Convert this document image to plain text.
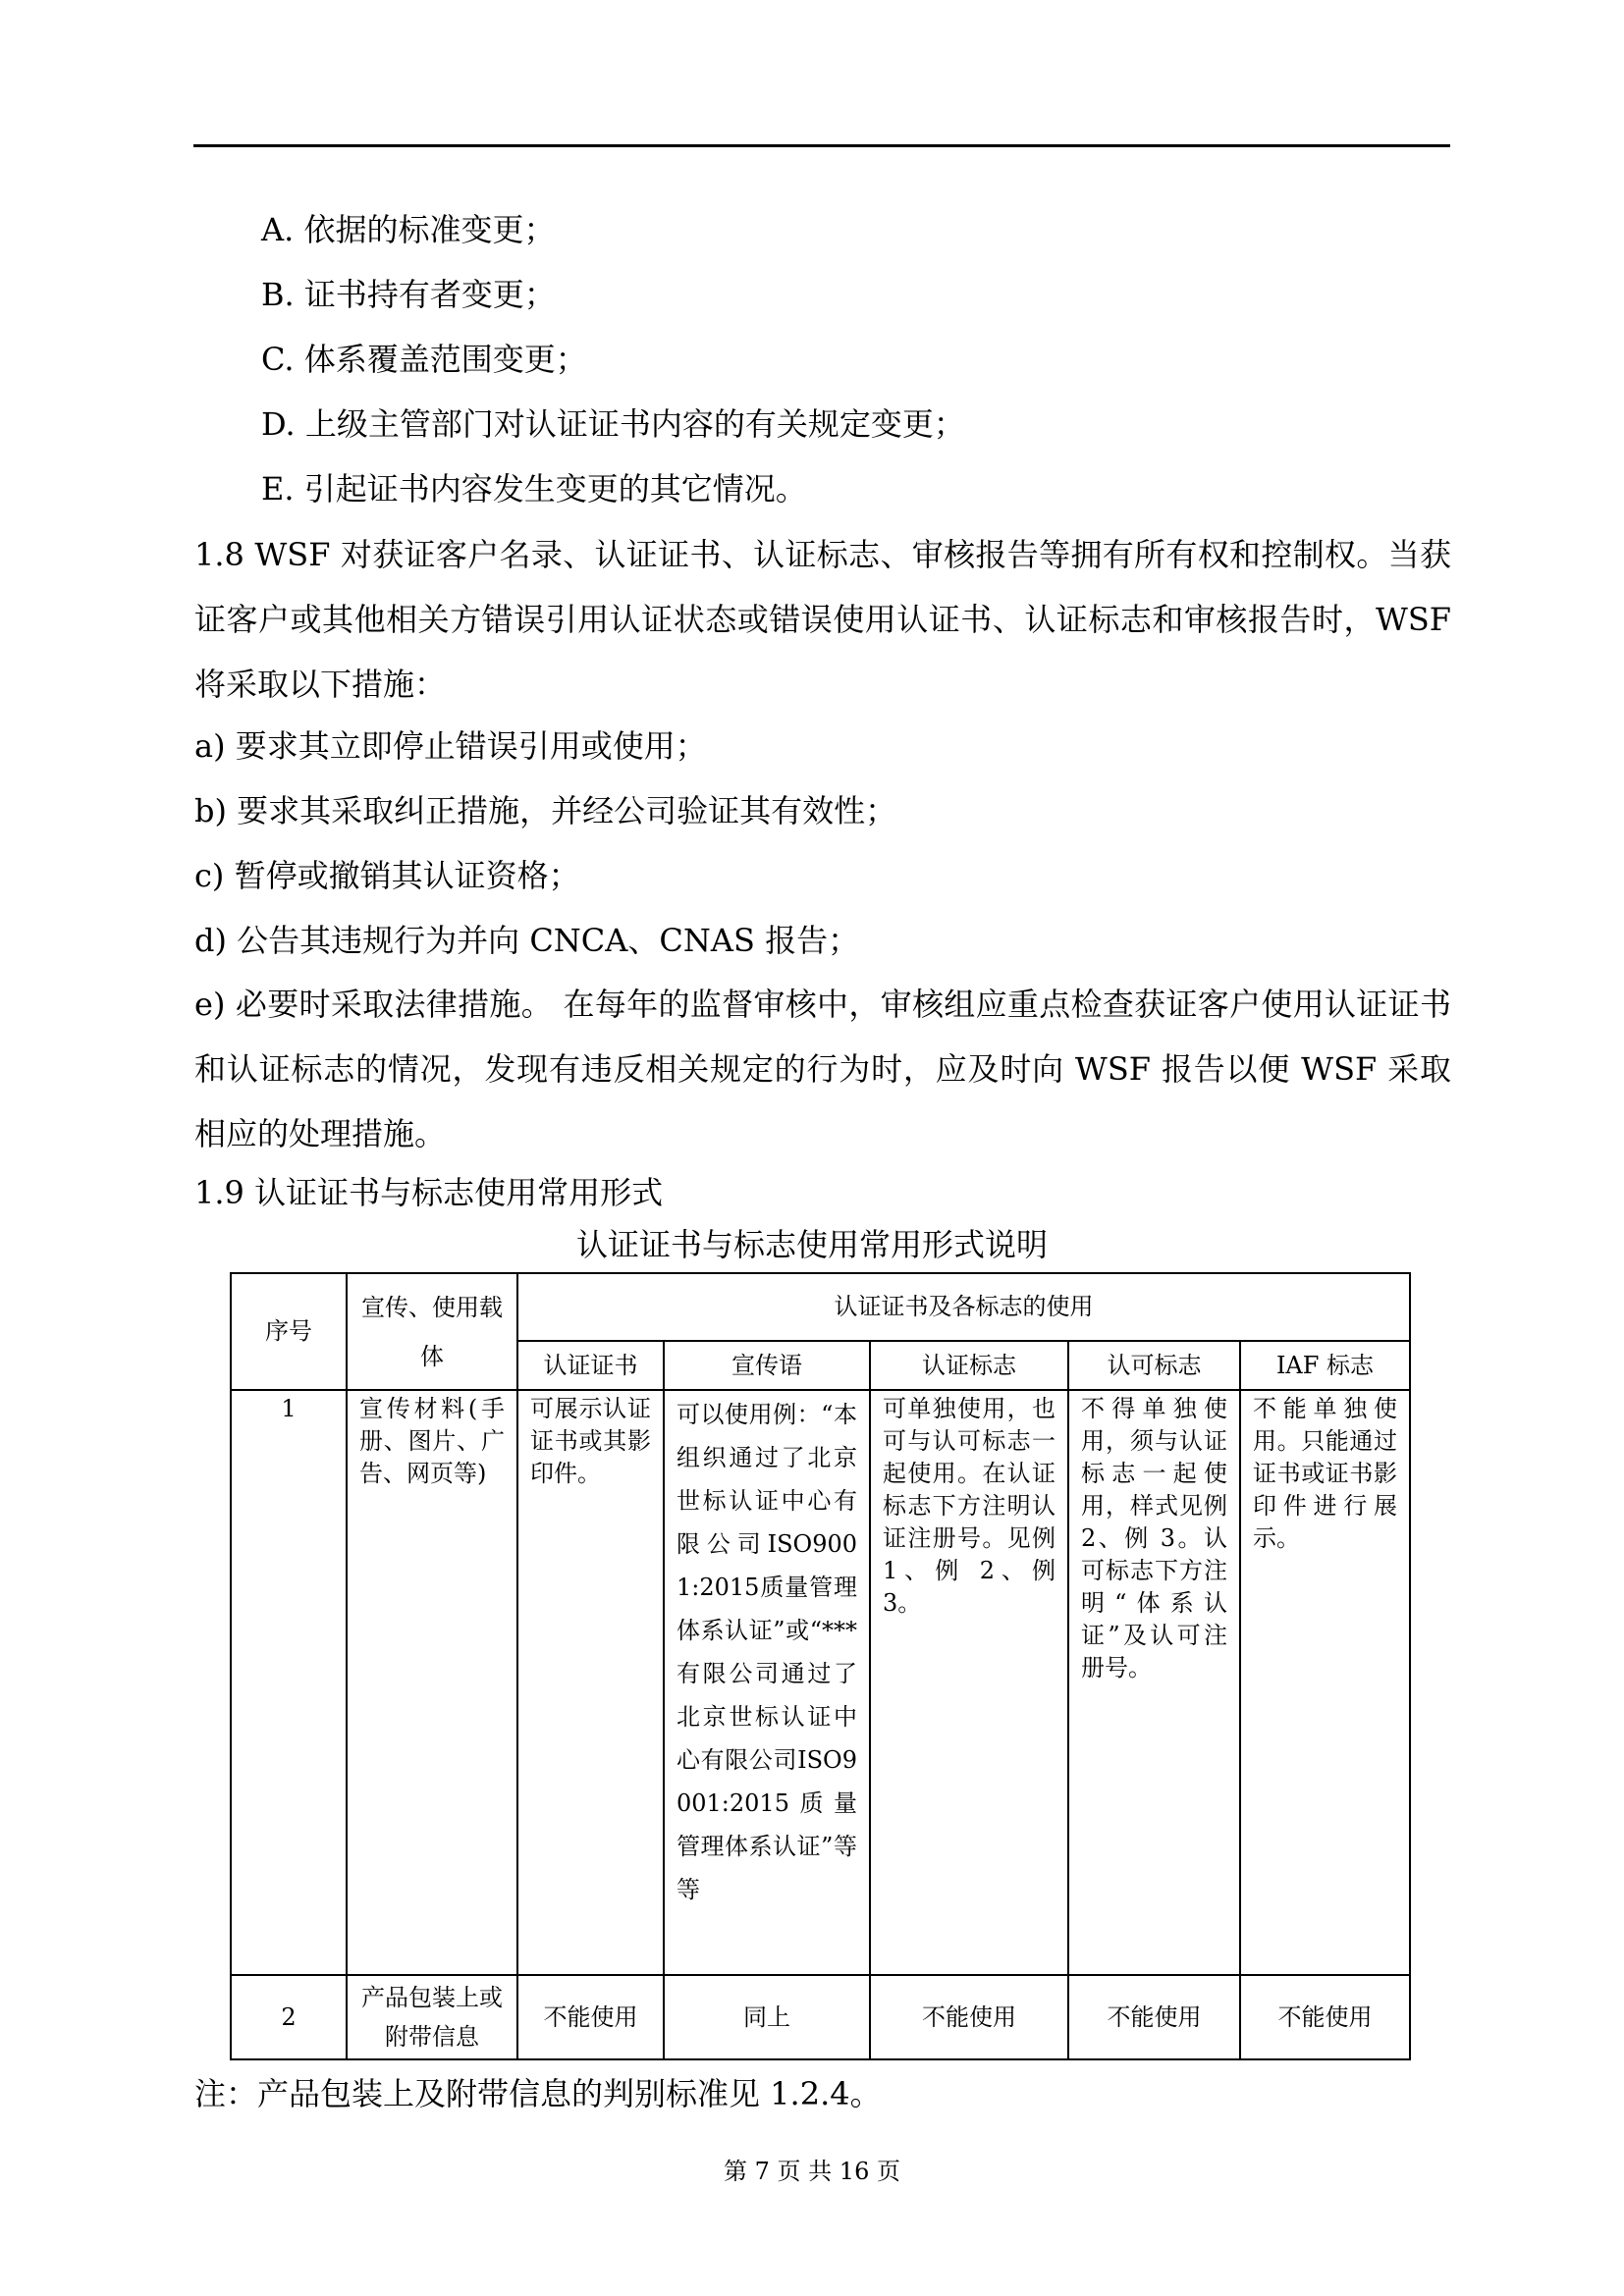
A. 依据的标准变更；
B. 证书持有者变更；
C. 体系覆盖范围变更；
D. 上级主管部门对认证证书内容的有关规定变更；
E. 引起证书内容发生变更的其它情况。
1.8 WSF 对获证客户名录、认证证书、认证标志、审核报告等拥有所有权和控制权。当获证客户或其他相关方错误引用认证状态或错误使用认证书、认证标志和审核报告时，WSF 将采取以下措施：
a) 要求其立即停止错误引用或使用；
b) 要求其采取纠正措施，并经公司验证其有效性；
c) 暂停或撤销其认证资格；
d) 公告其违规行为并向 CNCA、CNAS 报告；
e) 必要时采取法律措施。 在每年的监督审核中，审核组应重点检查获证客户使用认证证书和认证标志的情况，发现有违反相关规定的行为时，应及时向 WSF 报告以便 WSF 采取相应的处理措施。
1.9 认证证书与标志使用常用形式
认证证书与标志使用常用形式说明
序号	宣传、使用载体	认证证书及各标志的使用				
		认证证书	宣传语	认证标志	认可标志	IAF 标志
1	宣传材料(手册、图片、广告、网页等)	可展示认证证书或其影印件。	可以使用例：“本组织通过了北京世标认证中心有限公司ISO9001:2015质量管理体系认证”或“***有限公司通过了北京世标认证中心有限公司ISO9001:2015质量管理体系认证”等等	可单独使用，也可与认可标志一起使用。在认证标志下方注明认证注册号。见例 1、例 2、例 3。	不得单独使用，须与认证标志一起使用，样式见例 2、例 3。认可标志下方注明“体系认证”及认可注册号。	不能单独使用。只能通过证书或证书影印件进行展示。
2	产品包装上或附带信息	不能使用	同上	不能使用	不能使用	不能使用
注：产品包装上及附带信息的判别标准见 1.2.4。
第 7 页 共 16 页
